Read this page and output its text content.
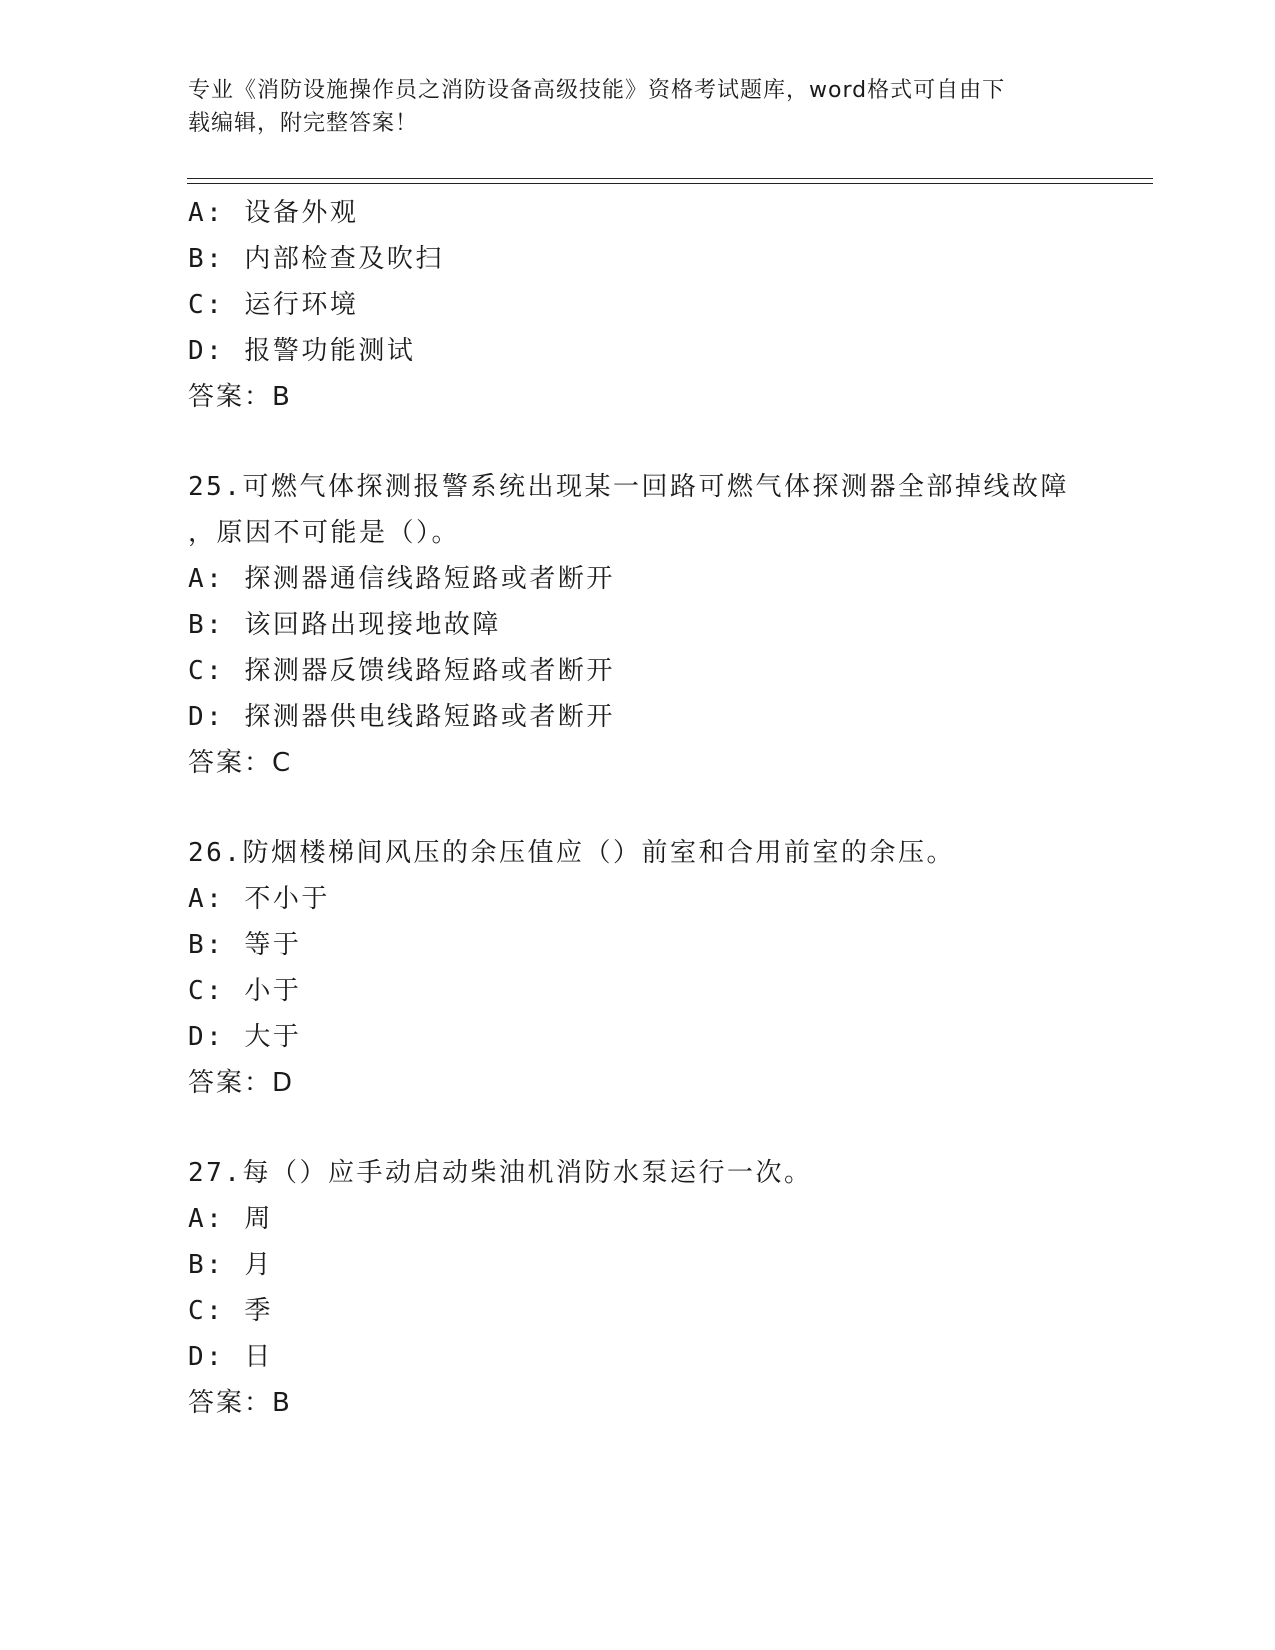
专业《消防设施操作员之消防设备高级技能》资格考试题库，word格式可自由下
载编辑，附完整答案！
A: 设备外观
B: 内部检查及吹扫
C: 运行环境
D: 报警功能测试
答案：B
25.可燃气体探测报警系统出现某一回路可燃气体探测器全部掉线故障
，原因不可能是（）。
A: 探测器通信线路短路或者断开
B: 该回路出现接地故障
C: 探测器反馈线路短路或者断开
D: 探测器供电线路短路或者断开
答案：C
26.防烟楼梯间风压的余压值应（）前室和合用前室的余压。
A: 不小于
B: 等于
C: 小于
D: 大于
答案：D
27.每（）应手动启动柴油机消防水泵运行一次。
A: 周
B: 月
C: 季
D: 日
答案：B
